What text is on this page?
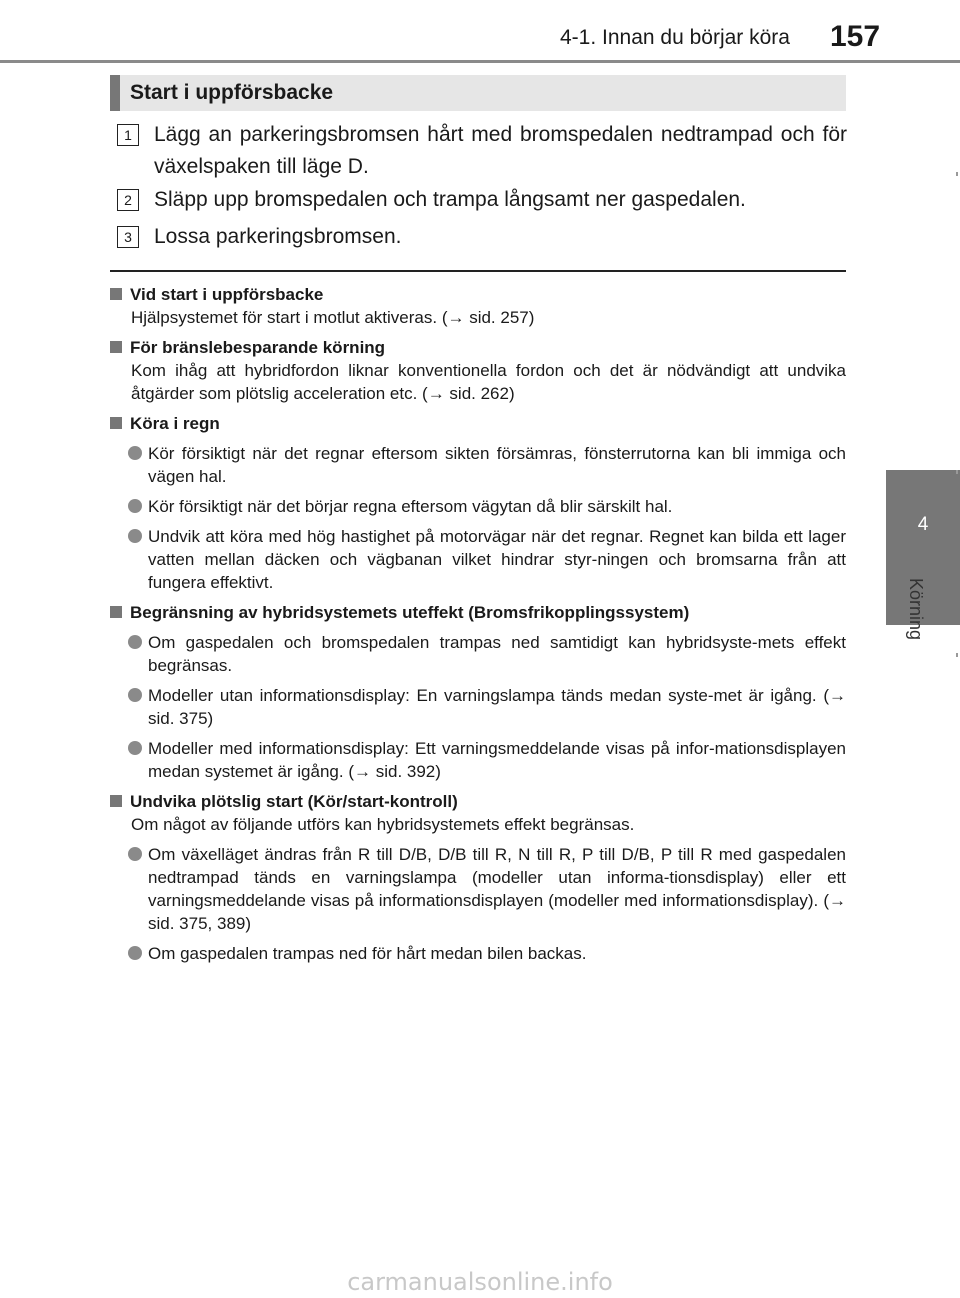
4-1. Innan du börjar köra 157
4
Körning
Start i uppförsbacke
1	Lägg an parkeringsbromsen hårt med bromspedalen nedtrampad och för växelspaken till läge D.
2	Släpp upp bromspedalen och trampa långsamt ner gaspedalen.
3	Lossa parkeringsbromsen.
Vid start i uppförsbacke
Hjälpsystemet för start i motlut aktiveras. (→ sid. 257)
För bränslebesparande körning
Kom ihåg att hybridfordon liknar konventionella fordon och det är nödvändigt att undvika åtgärder som plötslig acceleration etc. (→ sid. 262)
Köra i regn
Kör försiktigt när det regnar eftersom sikten försämras, fönsterrutorna kan bli immiga och vägen hal.
Kör försiktigt när det börjar regna eftersom vägytan då blir särskilt hal.
Undvik att köra med hög hastighet på motorvägar när det regnar. Regnet kan bilda ett lager vatten mellan däcken och vägbanan vilket hindrar styr-ningen och bromsarna från att fungera effektivt.
Begränsning av hybridsystemets uteffekt (Bromsfrikopplingssystem)
Om gaspedalen och bromspedalen trampas ned samtidigt kan hybridsyste-mets effekt begränsas.
Modeller utan informationsdisplay: En varningslampa tänds medan syste-met är igång. (→ sid. 375)
Modeller med informationsdisplay: Ett varningsmeddelande visas på infor-mationsdisplayen medan systemet är igång. (→ sid. 392)
Undvika plötslig start (Kör/start-kontroll)
Om något av följande utförs kan hybridsystemets effekt begränsas.
Om växelläget ändras från R till D/B, D/B till R, N till R, P till D/B, P till R med gaspedalen nedtrampad tänds en varningslampa (modeller utan informa-tionsdisplay) eller ett varningsmeddelande visas på informationsdisplayen (modeller med informationsdisplay). (→ sid. 375, 389)
Om gaspedalen trampas ned för hårt medan bilen backas.
carmanualsonline.info
